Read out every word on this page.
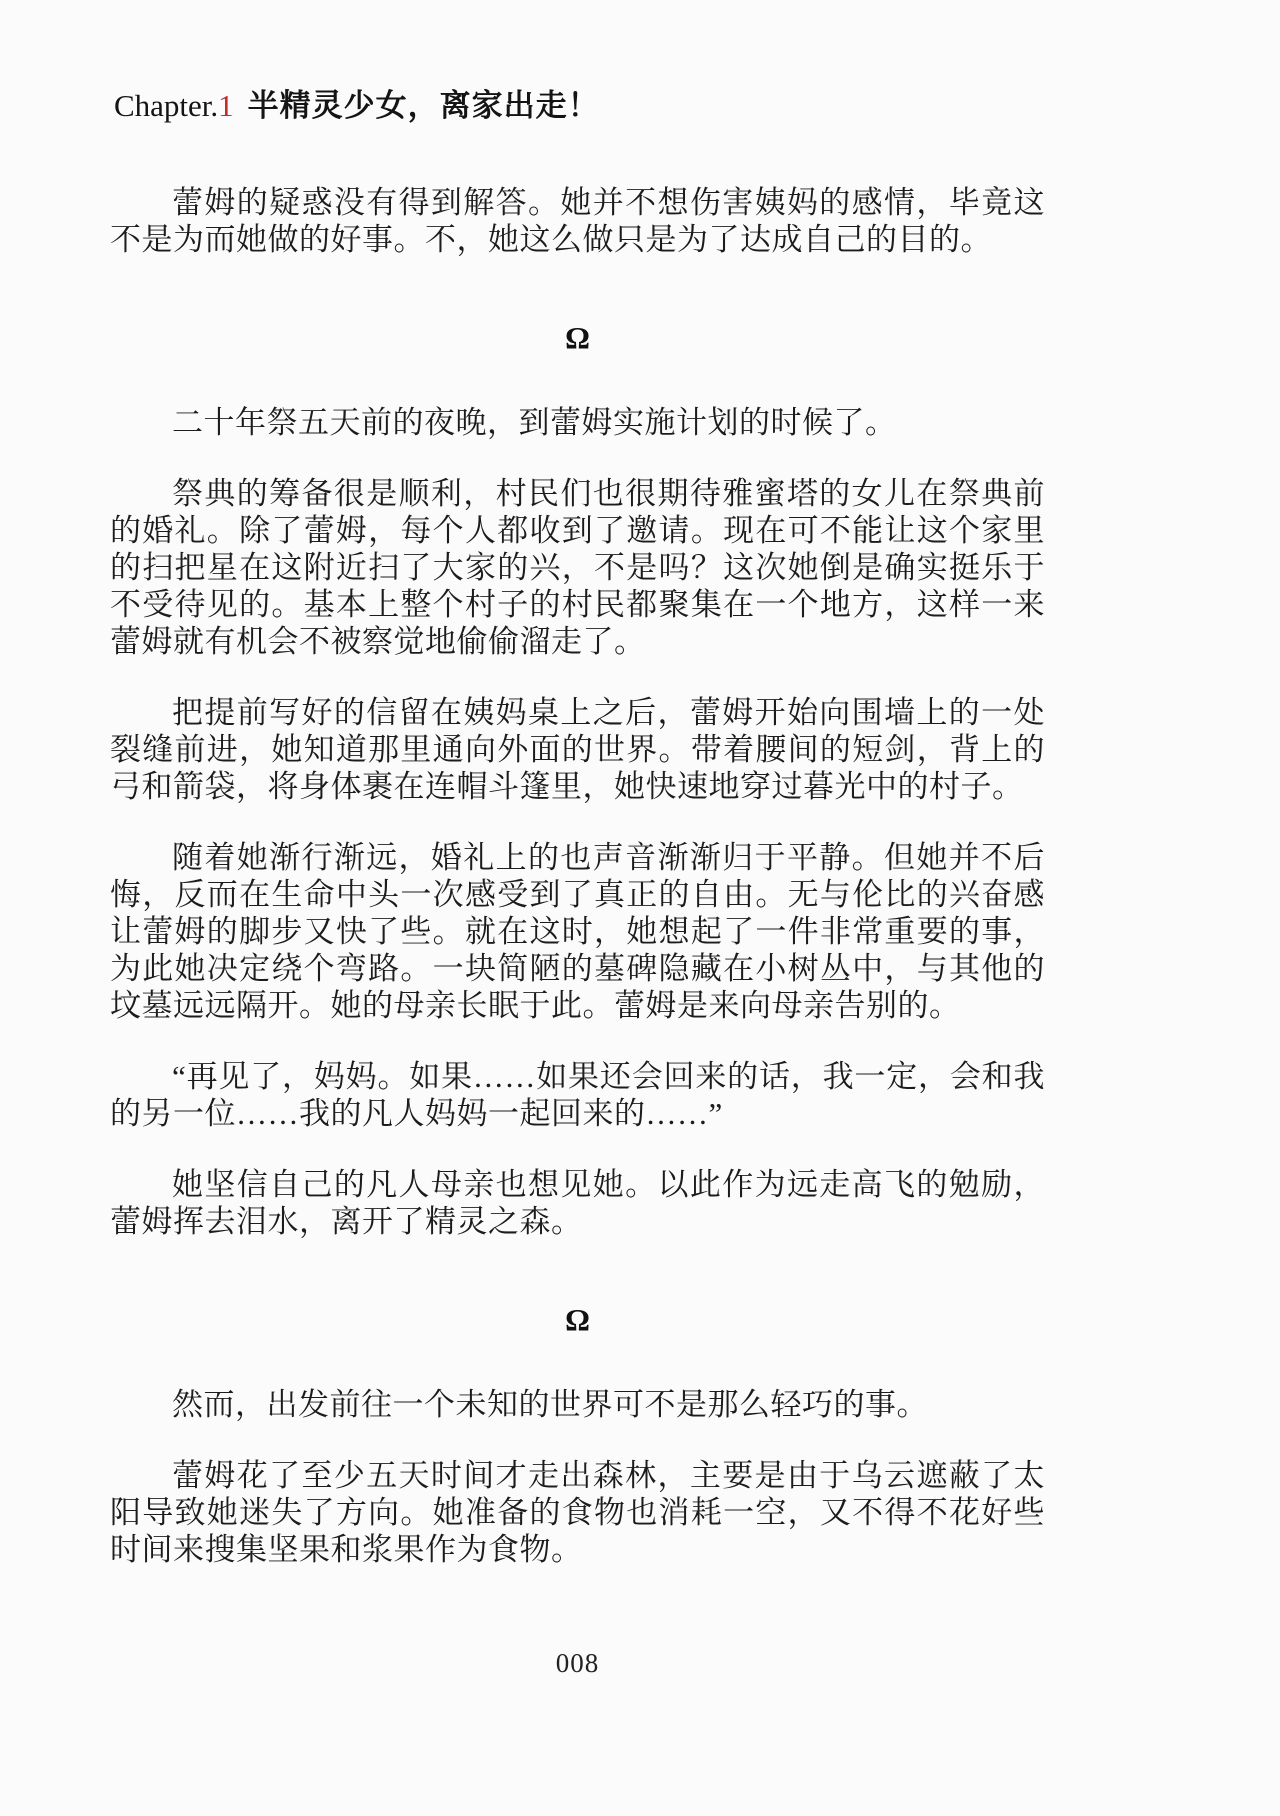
Chapter.1 半精灵少女，离家出走！

蕾姆的疑惑没有得到解答。她并不想伤害姨妈的感情，毕竟这不是为而她做的好事。不，她这么做只是为了达成自己的目的。

Ω

二十年祭五天前的夜晚，到蕾姆实施计划的时候了。

祭典的筹备很是顺利，村民们也很期待雅蜜塔的女儿在祭典前的婚礼。除了蕾姆，每个人都收到了邀请。现在可不能让这个家里的扫把星在这附近扫了大家的兴，不是吗？这次她倒是确实挺乐于不受待见的。基本上整个村子的村民都聚集在一个地方，这样一来蕾姆就有机会不被察觉地偷偷溜走了。

把提前写好的信留在姨妈桌上之后，蕾姆开始向围墙上的一处裂缝前进，她知道那里通向外面的世界。带着腰间的短剑，背上的弓和箭袋，将身体裹在连帽斗篷里，她快速地穿过暮光中的村子。

随着她渐行渐远，婚礼上的也声音渐渐归于平静。但她并不后悔，反而在生命中头一次感受到了真正的自由。无与伦比的兴奋感让蕾姆的脚步又快了些。就在这时，她想起了一件非常重要的事，为此她决定绕个弯路。一块简陋的墓碑隐藏在小树丛中，与其他的坟墓远远隔开。她的母亲长眠于此。蕾姆是来向母亲告别的。

“再见了，妈妈。如果……如果还会回来的话，我一定，会和我的另一位……我的凡人妈妈一起回来的……”

她坚信自己的凡人母亲也想见她。以此作为远走高飞的勉励，蕾姆挥去泪水，离开了精灵之森。

Ω

然而，出发前往一个未知的世界可不是那么轻巧的事。

蕾姆花了至少五天时间才走出森林，主要是由于乌云遮蔽了太阳导致她迷失了方向。她准备的食物也消耗一空，又不得不花好些时间来搜集坚果和浆果作为食物。

008
